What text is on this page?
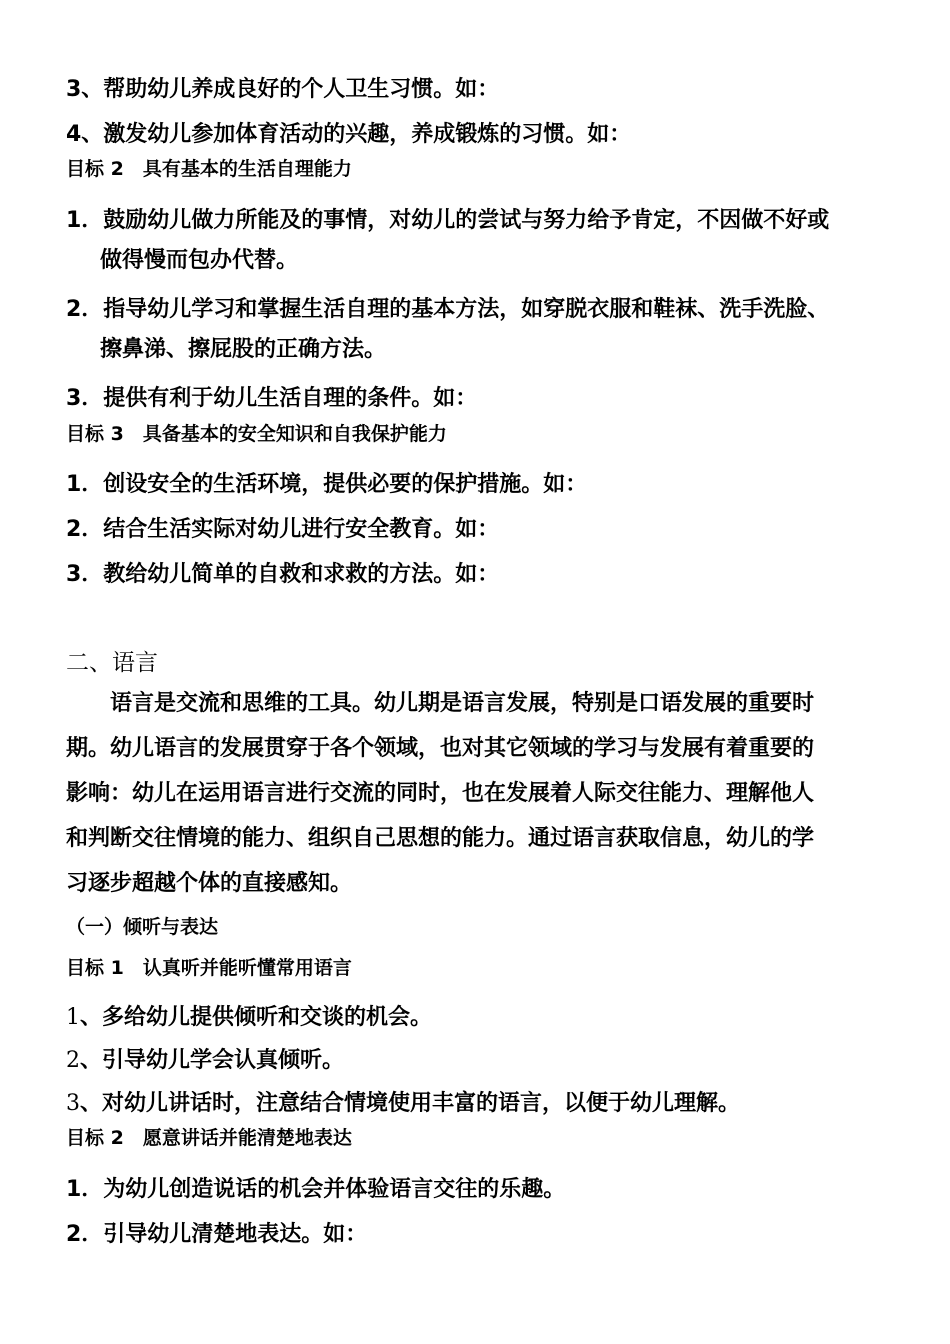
3、帮助幼儿养成良好的个人卫生习惯。如：
4、激发幼儿参加体育活动的兴趣，养成锻炼的习惯。如：
目标 2　具有基本的生活自理能力
1．鼓励幼儿做力所能及的事情，对幼儿的尝试与努力给予肯定，不因做不好或
做得慢而包办代替。
2．指导幼儿学习和掌握生活自理的基本方法，如穿脱衣服和鞋袜、洗手洗脸、
擦鼻涕、擦屁股的正确方法。
3．提供有利于幼儿生活自理的条件。如：
目标 3　具备基本的安全知识和自我保护能力
1．创设安全的生活环境，提供必要的保护措施。如：
2．结合生活实际对幼儿进行安全教育。如：
3．教给幼儿简单的自救和求救的方法。如：
二、语言
语言是交流和思维的工具。幼儿期是语言发展，特别是口语发展的重要时
期。幼儿语言的发展贯穿于各个领域，也对其它领域的学习与发展有着重要的
影响：幼儿在运用语言进行交流的同时，也在发展着人际交往能力、理解他人
和判断交往情境的能力、组织自己思想的能力。通过语言获取信息，幼儿的学
习逐步超越个体的直接感知。
（一）倾听与表达
目标 1　认真听并能听懂常用语言
1、多给幼儿提供倾听和交谈的机会。
2、引导幼儿学会认真倾听。
3、对幼儿讲话时，注意结合情境使用丰富的语言，以便于幼儿理解。
目标 2　愿意讲话并能清楚地表达
1．为幼儿创造说话的机会并体验语言交往的乐趣。
2．引导幼儿清楚地表达。如：
